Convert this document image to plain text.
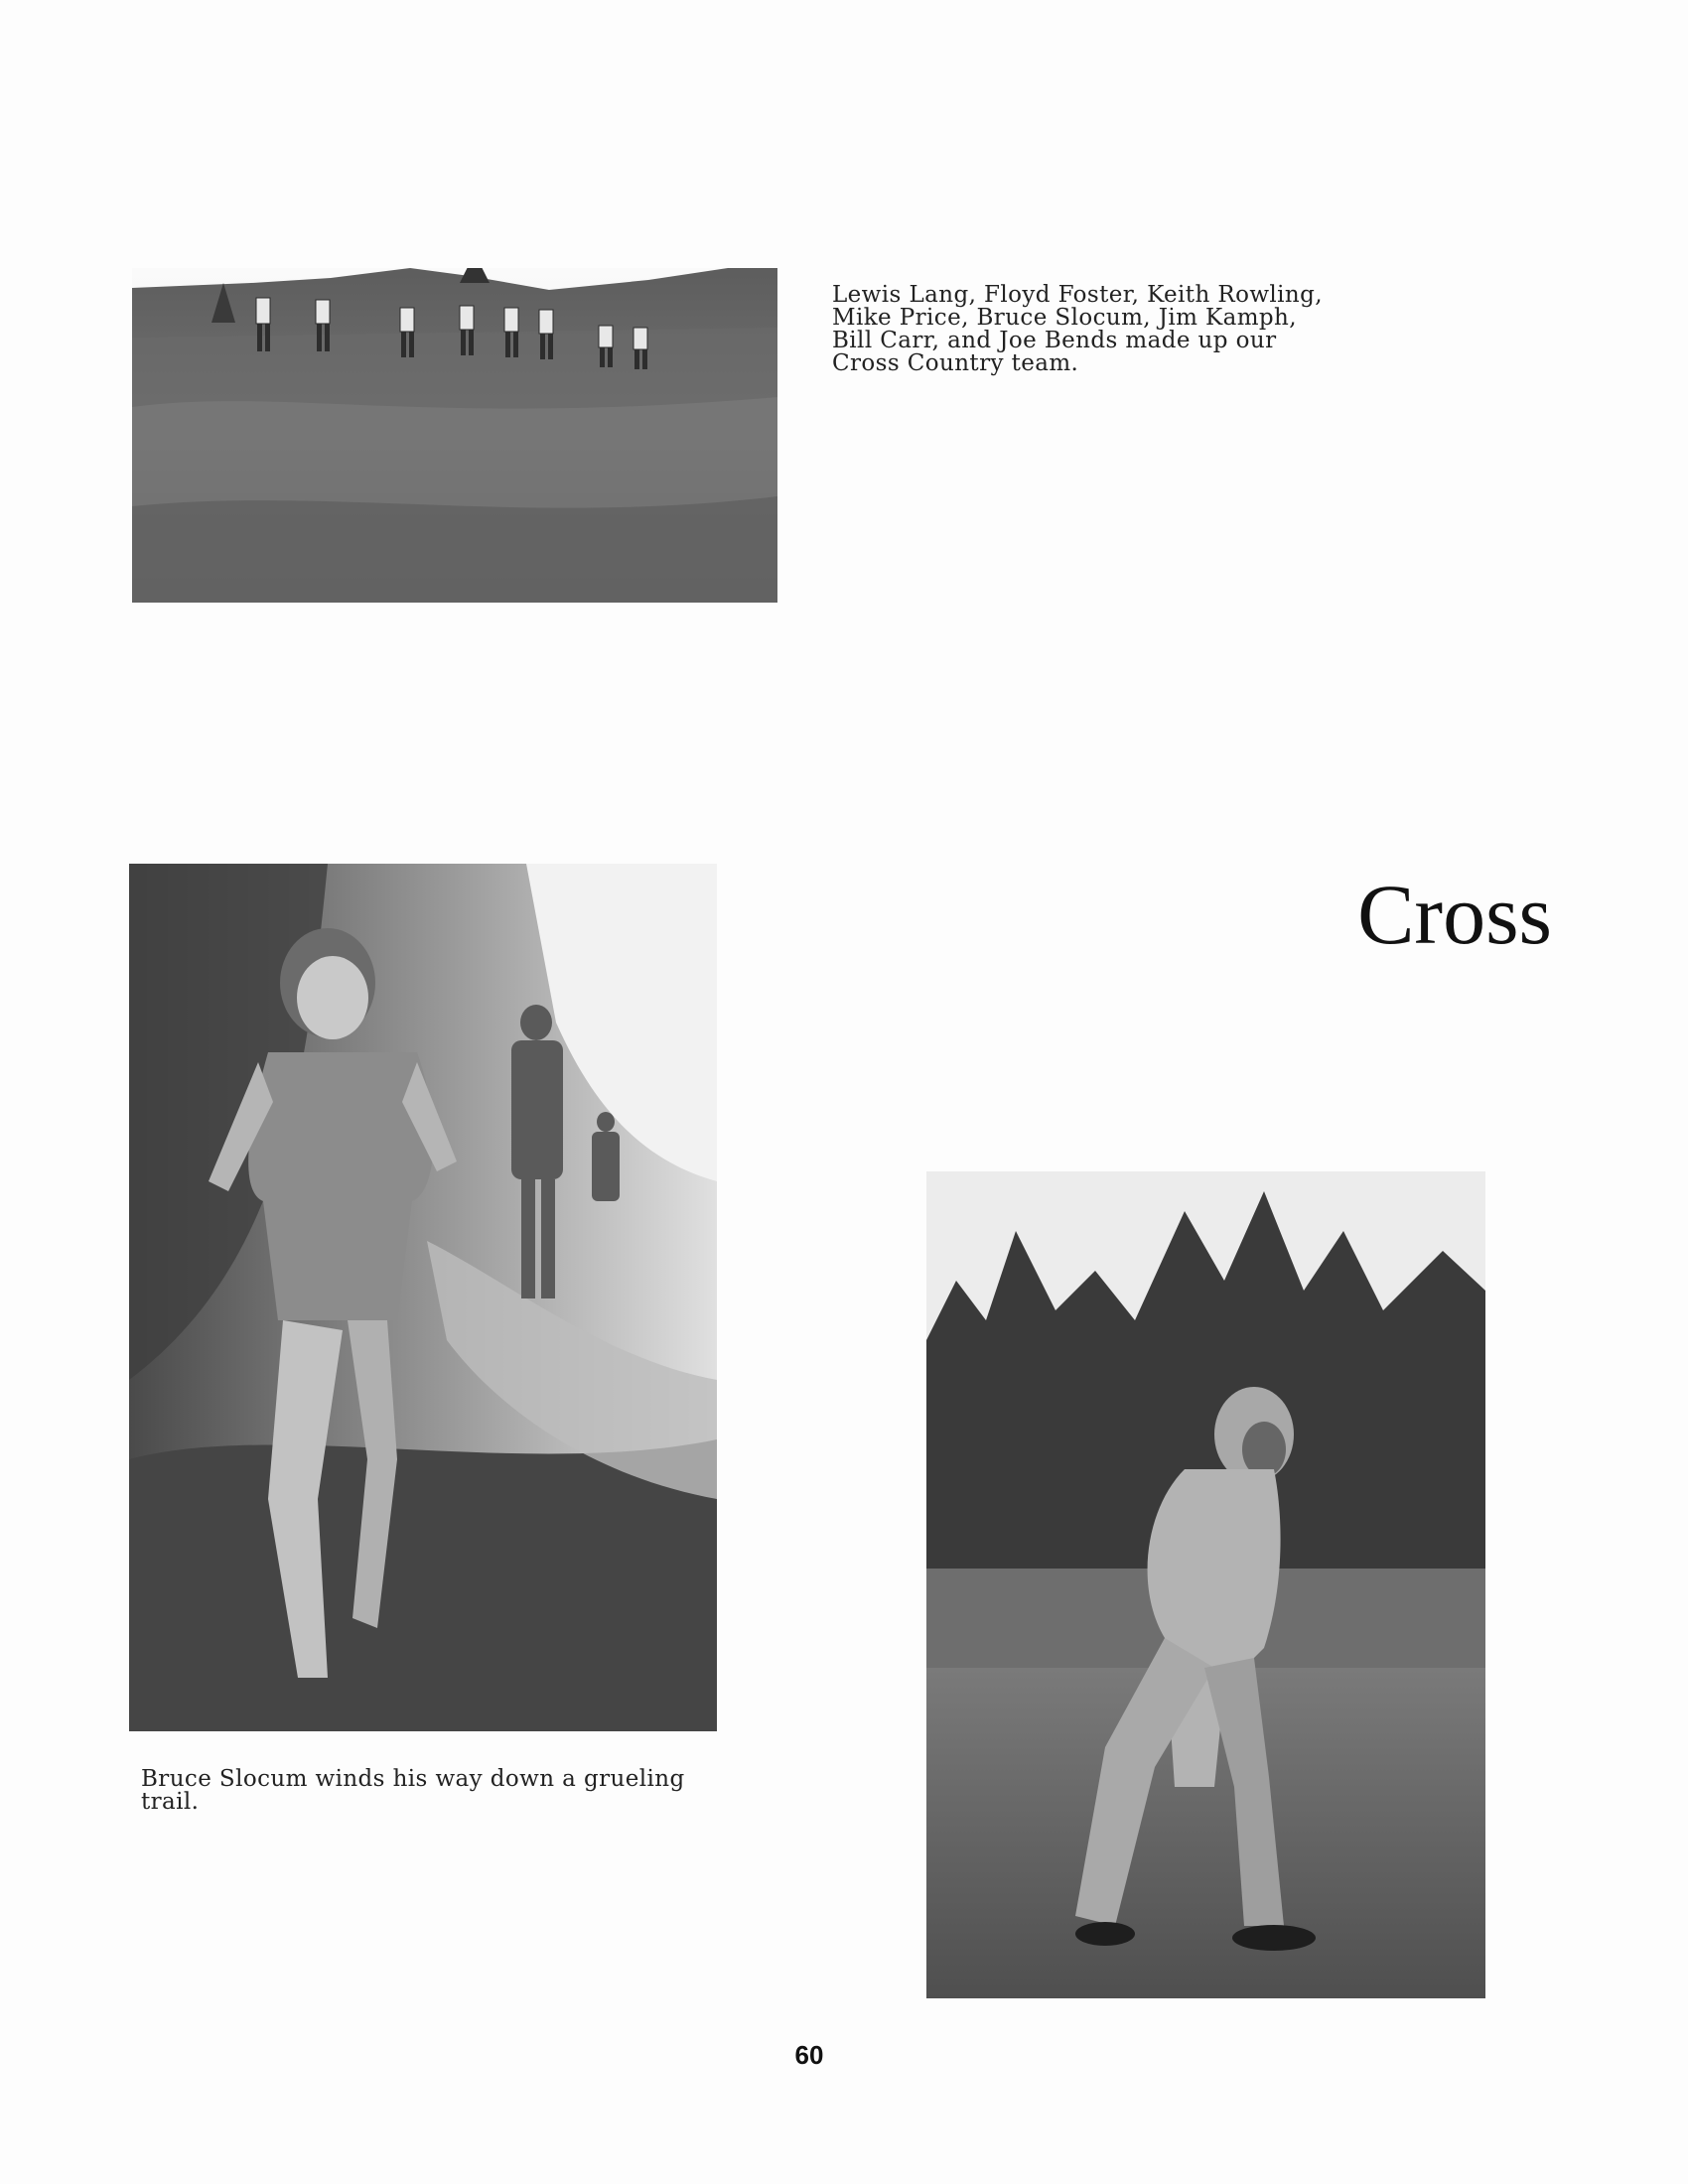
Lewis Lang, Floyd Foster, Keith Rowling,
Mike Price, Bruce Slocum, Jim Kamph,
Bill Carr, and Joe Bends made up our
Cross Country team.
Bruce Slocum winds his way down a grueling
trail.
Cross
60
